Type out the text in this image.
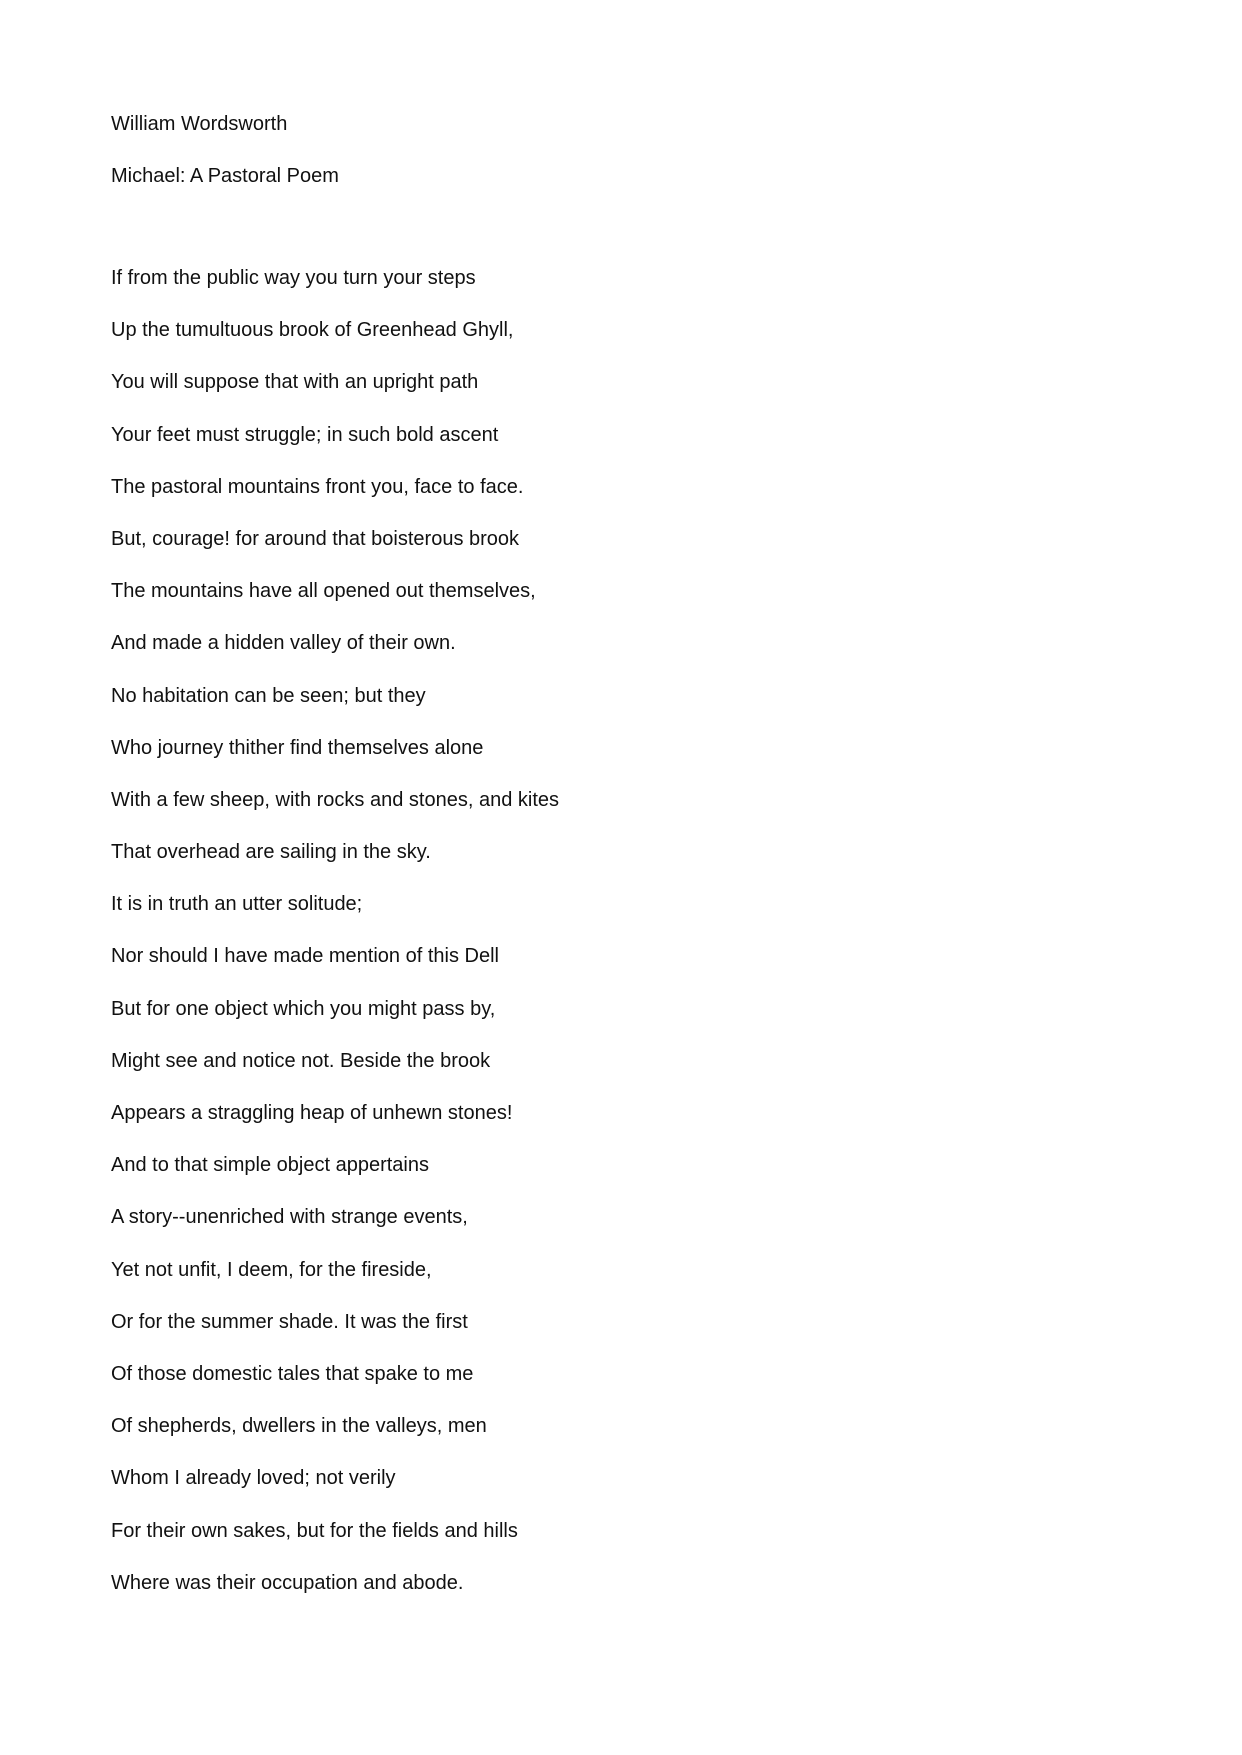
William Wordsworth
Michael: A Pastoral Poem
If from the public way you turn your steps
Up the tumultuous brook of Greenhead Ghyll,
You will suppose that with an upright path
Your feet must struggle; in such bold ascent
The pastoral mountains front you, face to face.
But, courage! for around that boisterous brook
The mountains have all opened out themselves,
And made a hidden valley of their own.
No habitation can be seen; but they
Who journey thither find themselves alone
With a few sheep, with rocks and stones, and kites
That overhead are sailing in the sky.
It is in truth an utter solitude;
Nor should I have made mention of this Dell
But for one object which you might pass by,
Might see and notice not. Beside the brook
Appears a straggling heap of unhewn stones!
And to that simple object appertains
A story--unenriched with strange events,
Yet not unfit, I deem, for the fireside,
Or for the summer shade. It was the first
Of those domestic tales that spake to me
Of shepherds, dwellers in the valleys, men
Whom I already loved; not verily
For their own sakes, but for the fields and hills
Where was their occupation and abode.
